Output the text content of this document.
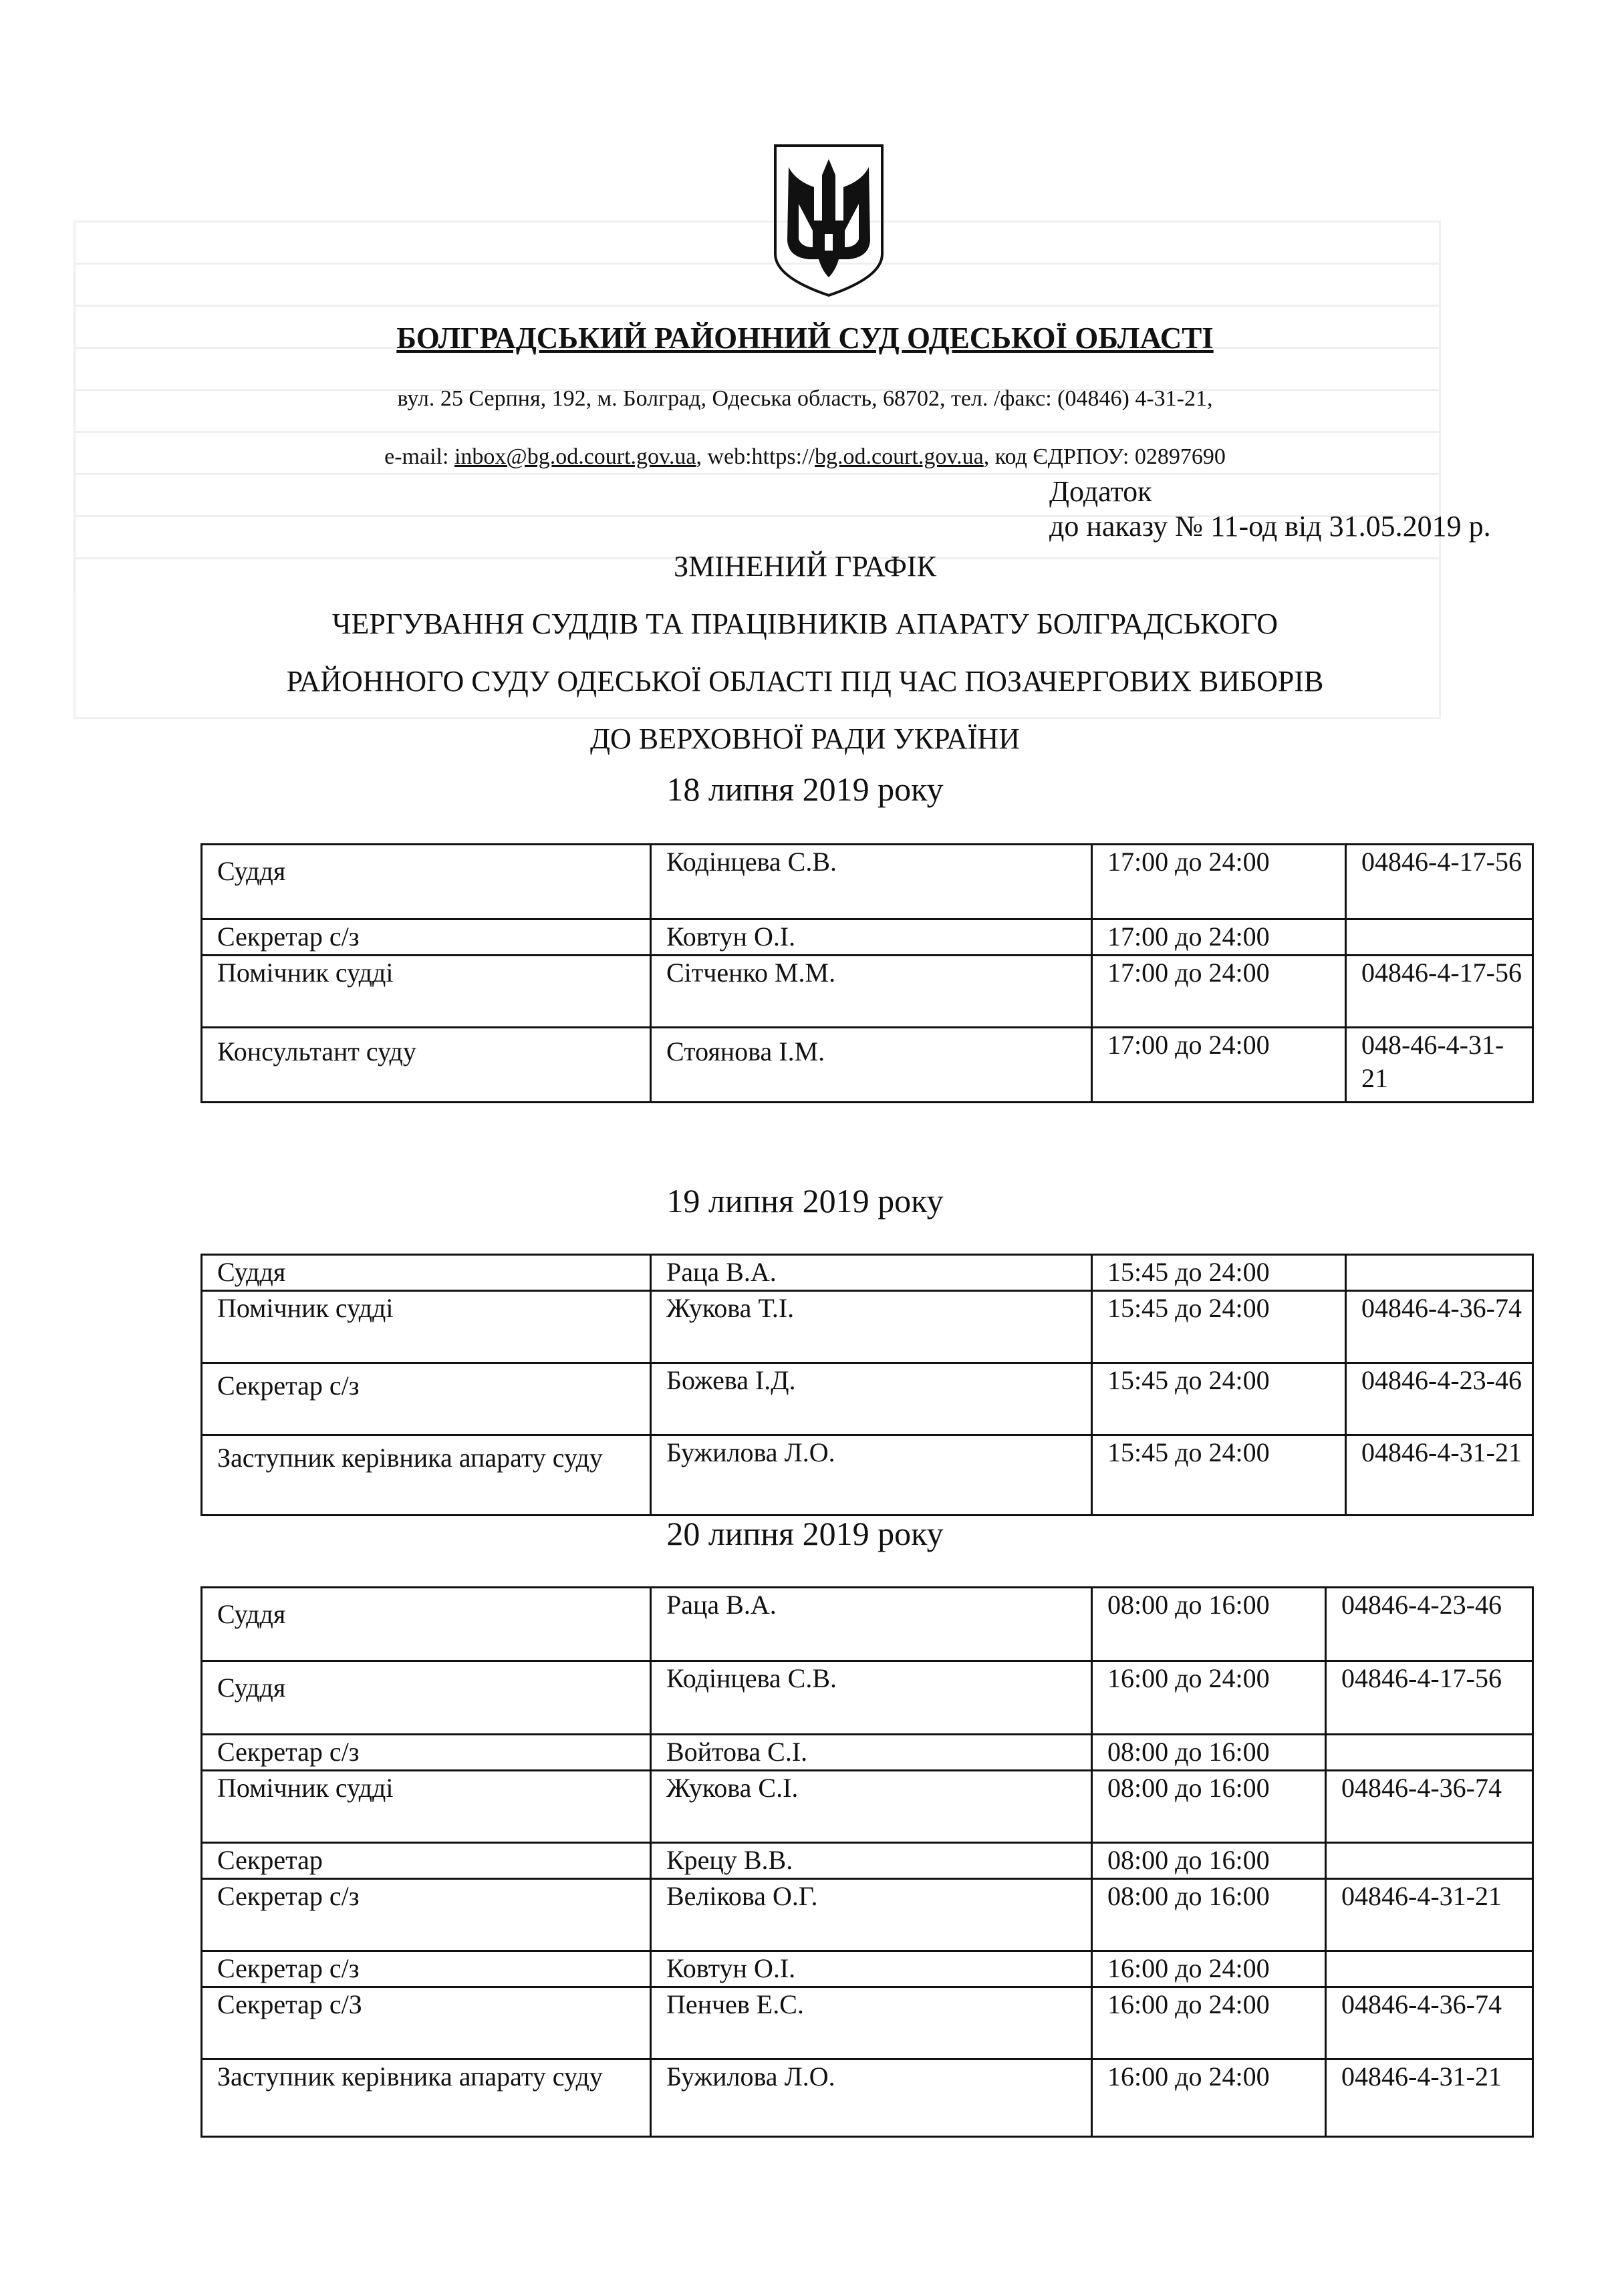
БОЛГРАДСЬКИЙ РАЙОННИЙ СУД ОДЕСЬКОЇ ОБЛАСТІ
вул. 25 Серпня, 192, м. Болград, Одеська область, 68702, тел. /факс: (04846) 4-31-21,
e-mail: inbox@bg.od.court.gov.ua, web:https://bg.od.court.gov.ua, код ЄДРПОУ: 02897690
Додаток
до наказу № 11-од від 31.05.2019 р.
ЗМІНЕНИЙ ГРАФІК
ЧЕРГУВАННЯ СУДДІВ ТА ПРАЦІВНИКІВ АПАРАТУ БОЛГРАДСЬКОГО
РАЙОННОГО СУДУ ОДЕСЬКОЇ ОБЛАСТІ ПІД ЧАС ПОЗАЧЕРГОВИХ ВИБОРІВ
ДО ВЕРХОВНОЇ РАДИ УКРАЇНИ
18 липня 2019 року
Суддя	Кодінцева С.В.	17:00 до 24:00	04846-4-17-56
Секретар с/з	Ковтун О.І.	17:00 до 24:00	
Помічник судді	Сітченко М.М.	17:00 до 24:00	04846-4-17-56
Консультант суду	Стоянова І.М.	17:00 до 24:00	048-46-4-31-21
19 липня 2019 року
Суддя	Раца В.А.	15:45 до 24:00	
Помічник судді	Жукова Т.І.	15:45 до 24:00	04846-4-36-74
Секретар с/з	Божева І.Д.	15:45 до 24:00	04846-4-23-46
Заступник керівника апарату суду	Бужилова Л.О.	15:45 до 24:00	04846-4-31-21
20 липня 2019 року
Суддя	Раца В.А.	08:00 до 16:00	04846-4-23-46
Суддя	Кодінцева С.В.	16:00 до 24:00	04846-4-17-56
Секретар с/з	Войтова С.І.	08:00 до 16:00	
Помічник судді	Жукова С.І.	08:00 до 16:00	04846-4-36-74
Секретар	Крецу В.В.	08:00 до 16:00	
Секретар с/з	Велікова О.Г.	08:00 до 16:00	04846-4-31-21
Секретар с/з	Ковтун О.І.	16:00 до 24:00	
Секретар с/З	Пенчев Е.С.	16:00 до 24:00	04846-4-36-74
Заступник керівника апарату суду	Бужилова Л.О.	16:00 до 24:00	04846-4-31-21
